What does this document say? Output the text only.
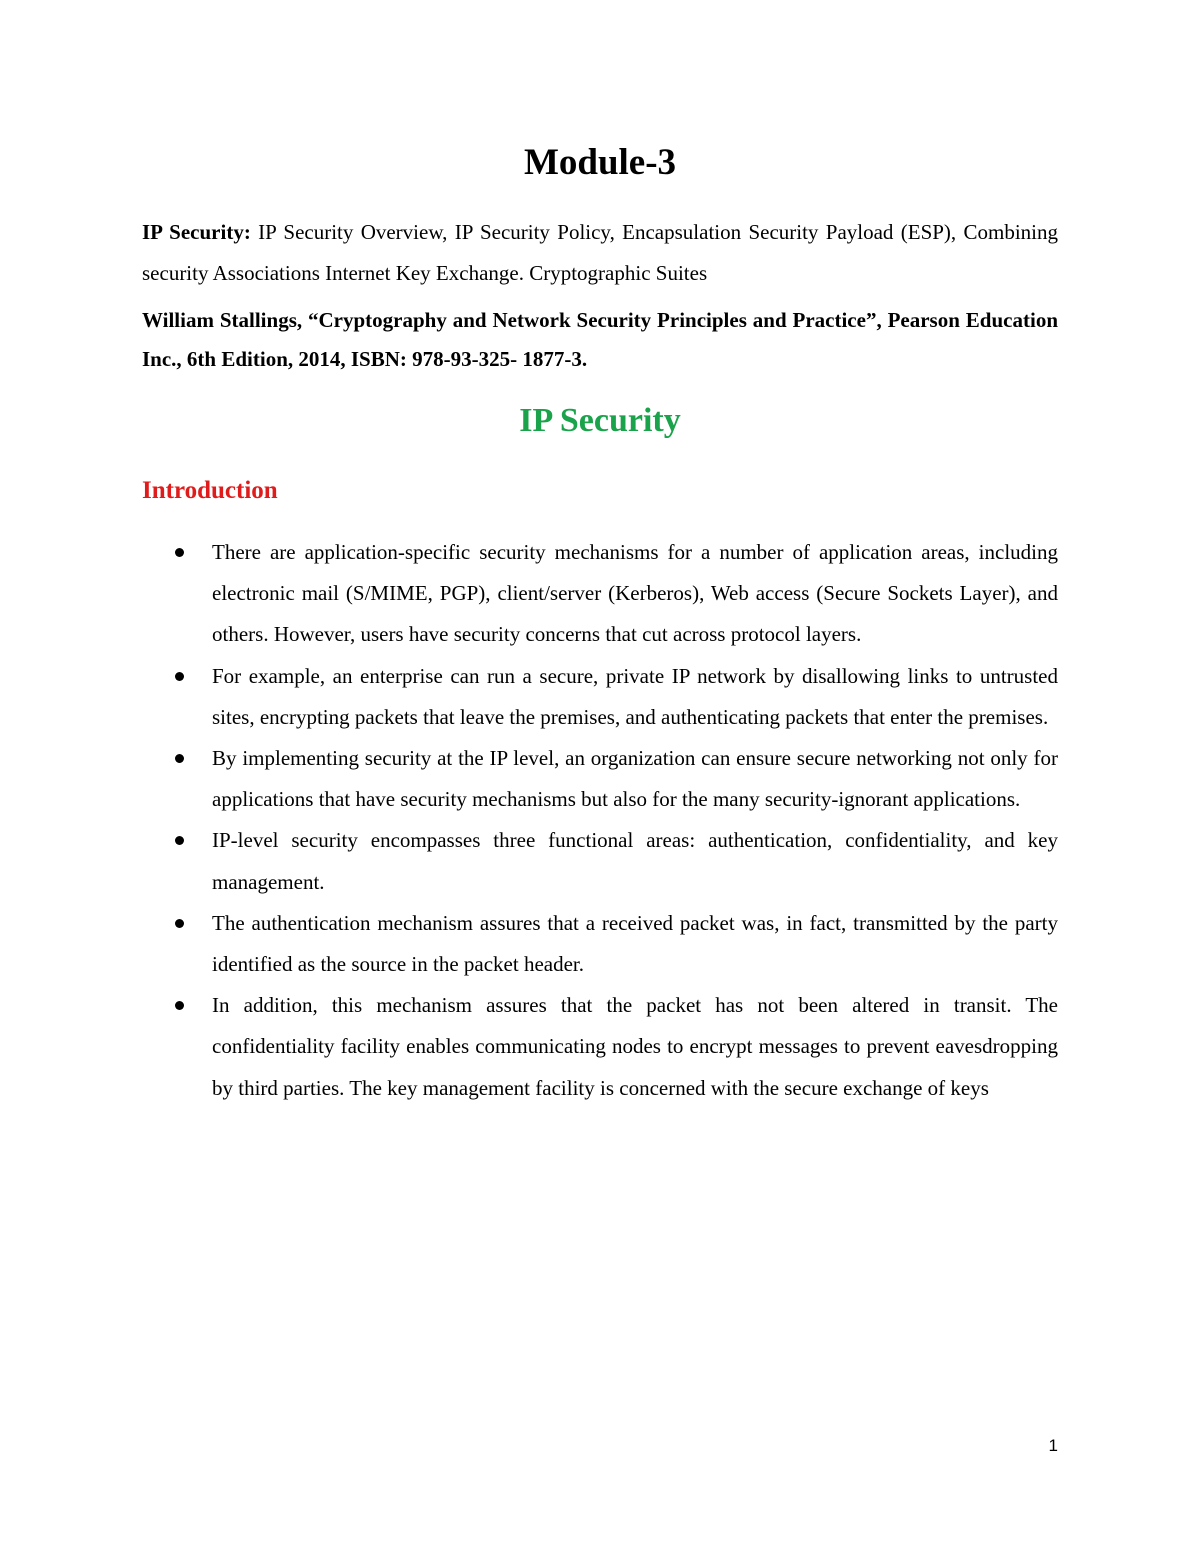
Module-3
IP Security: IP Security Overview, IP Security Policy, Encapsulation Security Payload (ESP), Combining security Associations Internet Key Exchange. Cryptographic Suites
William Stallings, “Cryptography and Network Security Principles and Practice”, Pearson Education Inc., 6th Edition, 2014, ISBN: 978-93-325- 1877-3.
IP Security
Introduction
There are application-specific security mechanisms for a number of application areas, including electronic mail (S/MIME, PGP), client/server (Kerberos), Web access (Secure Sockets Layer), and others. However, users have security concerns that cut across protocol layers.
For example, an enterprise can run a secure, private IP network by disallowing links to untrusted sites, encrypting packets that leave the premises, and authenticating packets that enter the premises.
By implementing security at the IP level, an organization can ensure secure networking not only for applications that have security mechanisms but also for the many security-ignorant applications.
IP-level security encompasses three functional areas: authentication, confidentiality, and key management.
The authentication mechanism assures that a received packet was, in fact, transmitted by the party identified as the source in the packet header.
In addition, this mechanism assures that the packet has not been altered in transit. The confidentiality facility enables communicating nodes to encrypt messages to prevent eavesdropping by third parties. The key management facility is concerned with the secure exchange of keys
1
